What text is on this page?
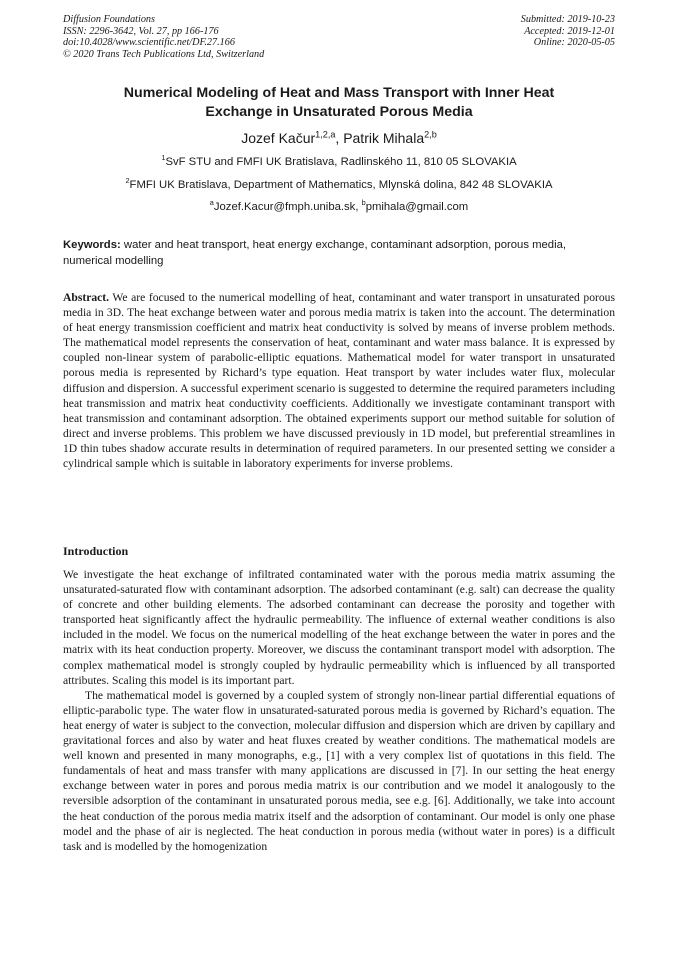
Diffusion Foundations
ISSN: 2296-3642, Vol. 27, pp 166-176
doi:10.4028/www.scientific.net/DF.27.166
© 2020 Trans Tech Publications Ltd, Switzerland
Submitted: 2019-10-23
Accepted: 2019-12-01
Online: 2020-05-05
Numerical Modeling of Heat and Mass Transport with Inner Heat
Exchange in Unsaturated Porous Media
Jozef Kačur$^{1,2,a}$, Patrik Mihala$^{2,b}$
$^1$SvF STU and FMFI UK Bratislava, Radlinského 11, 810 05 SLOVAKIA
$^2$FMFI UK Bratislava, Department of Mathematics, Mlynská dolina, 842 48 SLOVAKIA
$^a$Jozef.Kacur@fmph.uniba.sk, $^b$pmihala@gmail.com
Keywords: water and heat transport, heat energy exchange, contaminant adsorption, porous media, numerical modelling
Abstract. We are focused to the numerical modelling of heat, contaminant and water transport in unsaturated porous media in 3D. The heat exchange between water and porous media matrix is taken into the account. The determination of heat energy transmission coefficient and matrix heat conductivity is solved by means of inverse problem methods. The mathematical model represents the conservation of heat, contaminant and water mass balance. It is expressed by coupled non-linear system of parabolic-elliptic equations. Mathematical model for water transport in unsaturated porous media is represented by Richard’s type equation. Heat transport by water includes water flux, molecular diffusion and dispersion. A successful experiment scenario is suggested to determine the required parameters including heat transmission and matrix heat conductivity coefficients. Additionally we investigate contaminant transport with heat transmission and contaminant adsorption. The obtained experiments support our method suitable for solution of direct and inverse problems. This problem we have discussed previously in 1D model, but preferential streamlines in 1D thin tubes shadow accurate results in determination of required parameters. In our presented setting we consider a cylindrical sample which is suitable in laboratory experiments for inverse problems.
Introduction

We investigate the heat exchange of infiltrated contaminated water with the porous media matrix assuming the unsaturated-saturated flow with contaminant adsorption. The adsorbed contaminant (e.g. salt) can decrease the quality of concrete and other building elements. The adsorbed contaminant can decrease the porosity and together with transported heat significantly affect the hydraulic permeability. The influence of external weather conditions is also included in the model. We focus on the numerical modelling of the heat exchange between the water in pores and the matrix with its heat conduction property. Moreover, we discuss the contaminant transport model with adsorption. The complex mathematical model is strongly coupled by hydraulic permeability which is influenced by all transported attributes. Scaling this model is its important part.

The mathematical model is governed by a coupled system of strongly non-linear partial differential equations of elliptic-parabolic type. The water flow in unsaturated-saturated porous media is governed by Richard’s equation. The heat energy of water is subject to the convection, molecular diffusion and dispersion which are driven by capillary and gravitational forces and also by water and heat fluxes created by weather conditions. The mathematical models are well known and presented in many monographs, e.g., [1] with a very complex list of quotations in this field. The fundamentals of heat and mass transfer with many applications are discussed in [7]. In our setting the heat energy exchange between water in pores and porous media matrix is our contribution and we model it analogously to the reversible adsorption of the contaminant in unsaturated porous media, see e.g. [6]. Additionally, we take into account the heat conduction of the porous media matrix itself and the adsorption of contaminant. Our model is only one phase model and the phase of air is neglected. The heat conduction in porous media (without water in pores) is a difficult task and is modelled by the homogenization
